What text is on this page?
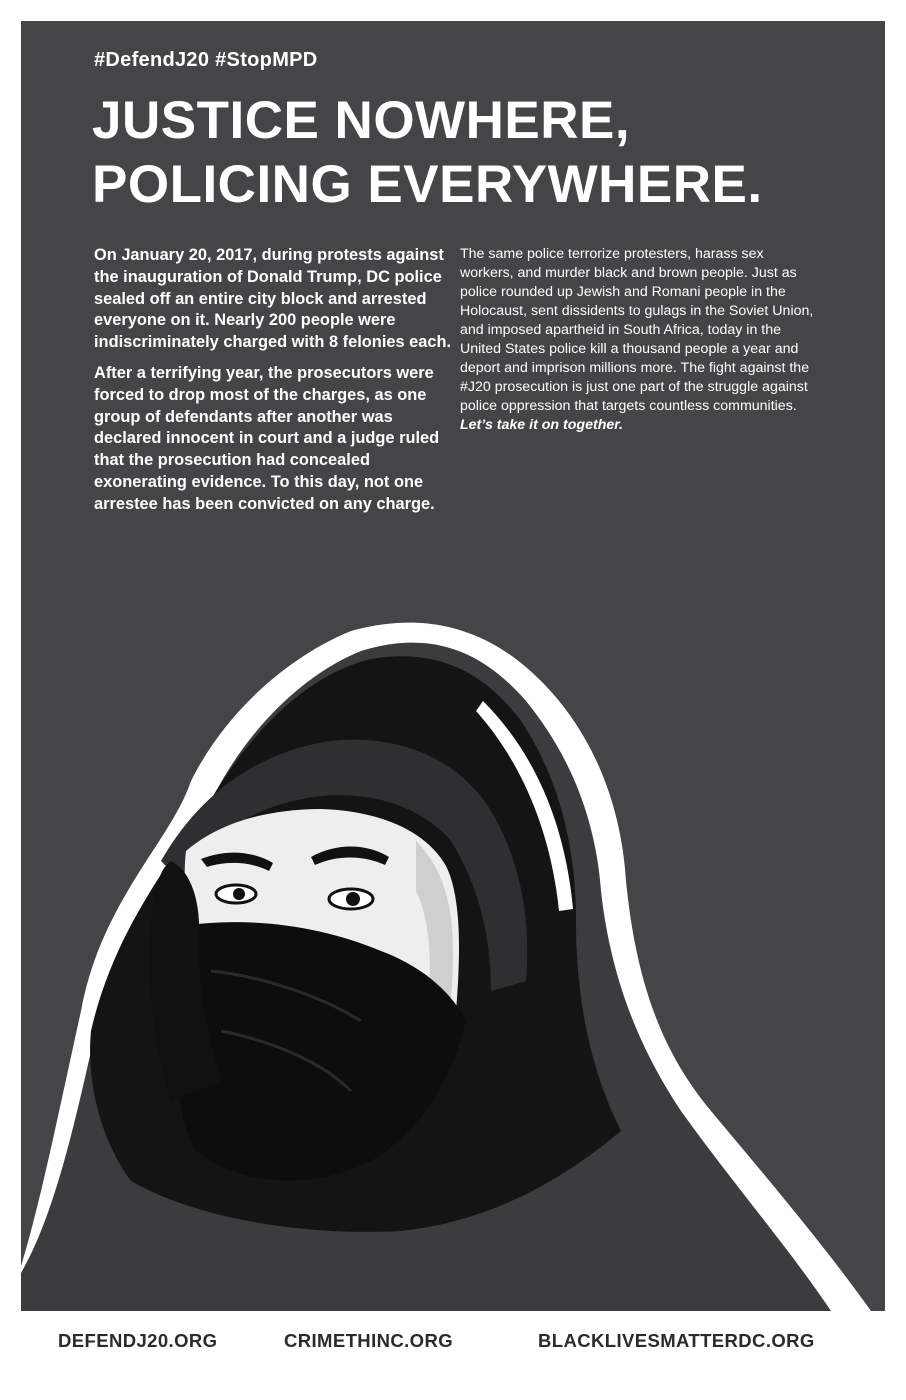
#DefendJ20 #StopMPD
JUSTICE NOWHERE,
POLICING EVERYWHERE.

On January 20, 2017, during protests against the inauguration of Donald Trump, DC police sealed off an entire city block and arrested everyone on it. Nearly 200 people were indiscriminately charged with 8 felonies each.

After a terrifying year, the prosecutors were forced to drop most of the charges, as one group of defendants after another was declared innocent in court and a judge ruled that the prosecution had concealed exonerating evidence. To this day, not one arrestee has been convicted on any charge.

The same police terrorize protesters, harass sex workers, and murder black and brown people. Just as police rounded up Jewish and Romani people in the Holocaust, sent dissidents to gulags in the Soviet Union, and imposed apartheid in South Africa, today in the United States police kill a thousand people a year and deport and imprison millions more. The fight against the #J20 prosecution is just one part of the struggle against police oppression that targets countless communities. Let’s take it on together.

DEFENDJ20.ORG	CRIMETHINC.ORG	BLACKLIVESMATTERDC.ORG
